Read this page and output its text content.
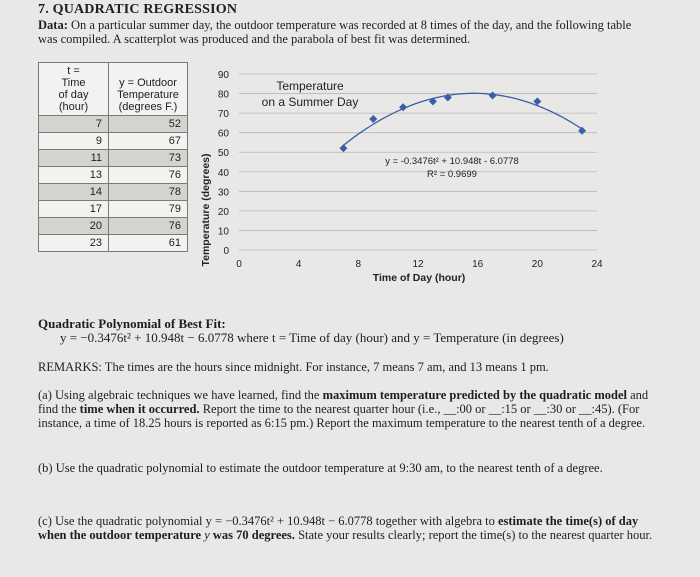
7. QUADRATIC REGRESSION
Data: On a particular summer day, the outdoor temperature was recorded at 8 times of the day, and the following table was compiled. A scatterplot was produced and the parabola of best fit was determined.
t =
Time
of day
(hour)	y = Outdoor
Temperature
(degrees F.)

7	52
9	67
11	73
13	76
14	78
17	79
20	76
23	61
0
10
20
30
40
50
60
70
80
90
0	4	8	12	16	20	24
Temperature (degrees)
Time of Day (hour)
Temperature
on a Summer Day
y = -0.3476t² + 10.948t - 6.0778
R² = 0.9699
Quadratic Polynomial of Best Fit:
y = −0.3476t² + 10.948t − 6.0778 where t = Time of day (hour) and y = Temperature (in degrees)
REMARKS: The times are the hours since midnight. For instance, 7 means 7 am, and 13 means 1 pm.
(a) Using algebraic techniques we have learned, find the maximum temperature predicted by the quadratic model and find the time when it occurred. Report the time to the nearest quarter hour (i.e., __:00 or __:15 or __:30 or __:45). (For instance, a time of 18.25 hours is reported as 6:15 pm.) Report the maximum temperature to the nearest tenth of a degree.
(b) Use the quadratic polynomial to estimate the outdoor temperature at 9:30 am, to the nearest tenth of a degree.
(c) Use the quadratic polynomial y = −0.3476t² + 10.948t − 6.0778 together with algebra to estimate the time(s) of day when the outdoor temperature y was 70 degrees. State your results clearly; report the time(s) to the nearest quarter hour.
